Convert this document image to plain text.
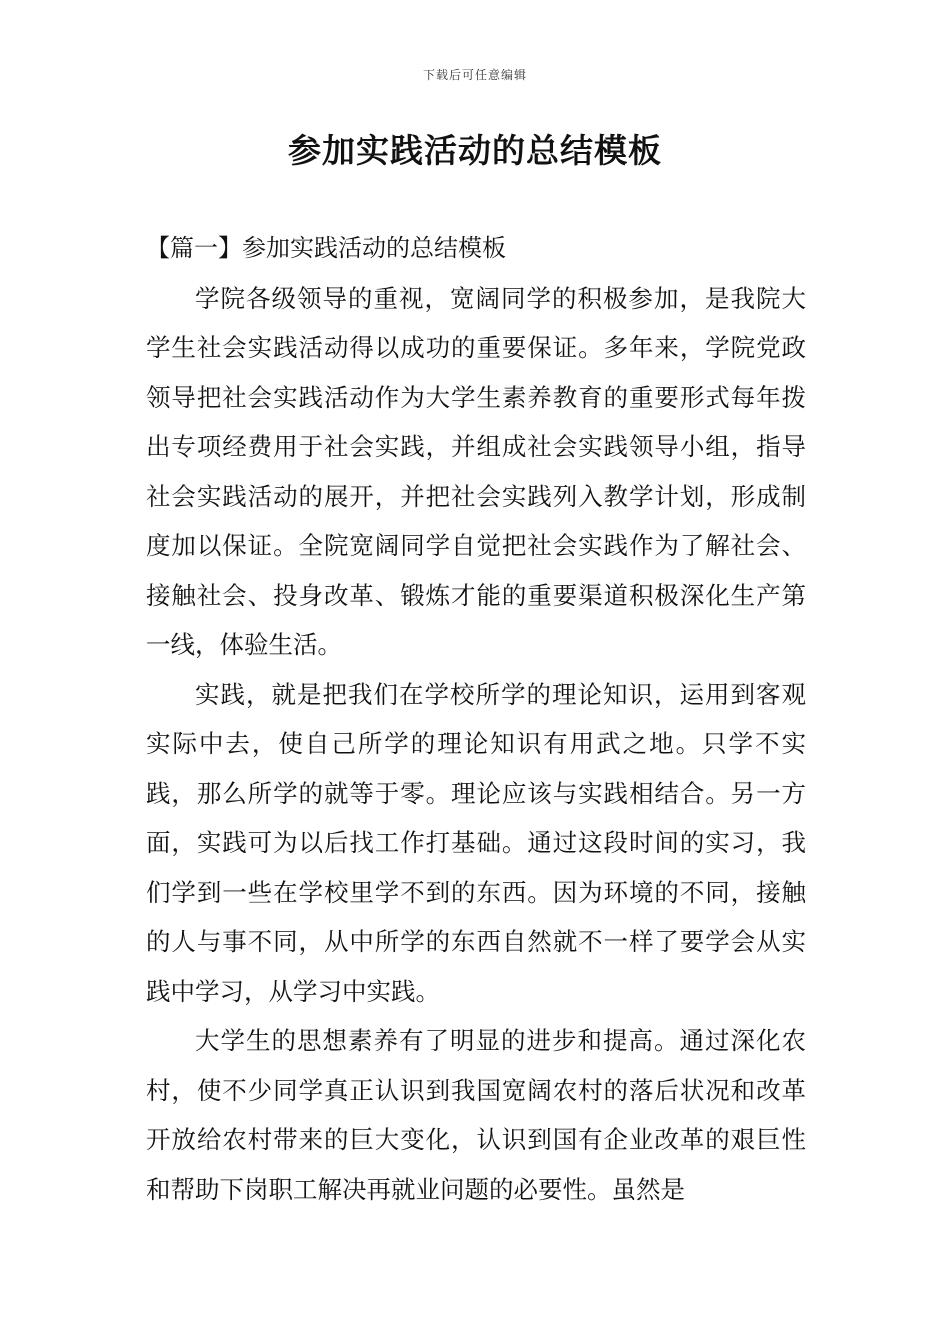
下载后可任意编辑
参加实践活动的总结模板

【篇一】参加实践活动的总结模板

学院各级领导的重视，宽阔同学的积极参加，是我院大学生社会实践活动得以成功的重要保证。多年来，学院党政领导把社会实践活动作为大学生素养教育的重要形式每年拨出专项经费用于社会实践，并组成社会实践领导小组，指导社会实践活动的展开，并把社会实践列入教学计划，形成制度加以保证。全院宽阔同学自觉把社会实践作为了解社会、接触社会、投身改革、锻炼才能的重要渠道积极深化生产第一线，体验生活。

实践，就是把我们在学校所学的理论知识，运用到客观实际中去，使自己所学的理论知识有用武之地。只学不实践，那么所学的就等于零。理论应该与实践相结合。另一方面，实践可为以后找工作打基础。通过这段时间的实习，我们学到一些在学校里学不到的东西。因为环境的不同，接触的人与事不同，从中所学的东西自然就不一样了要学会从实践中学习，从学习中实践。

大学生的思想素养有了明显的进步和提高。通过深化农村，使不少同学真正认识到我国宽阔农村的落后状况和改革开放给农村带来的巨大变化，认识到国有企业改革的艰巨性和帮助下岗职工解决再就业问题的必要性。虽然是
